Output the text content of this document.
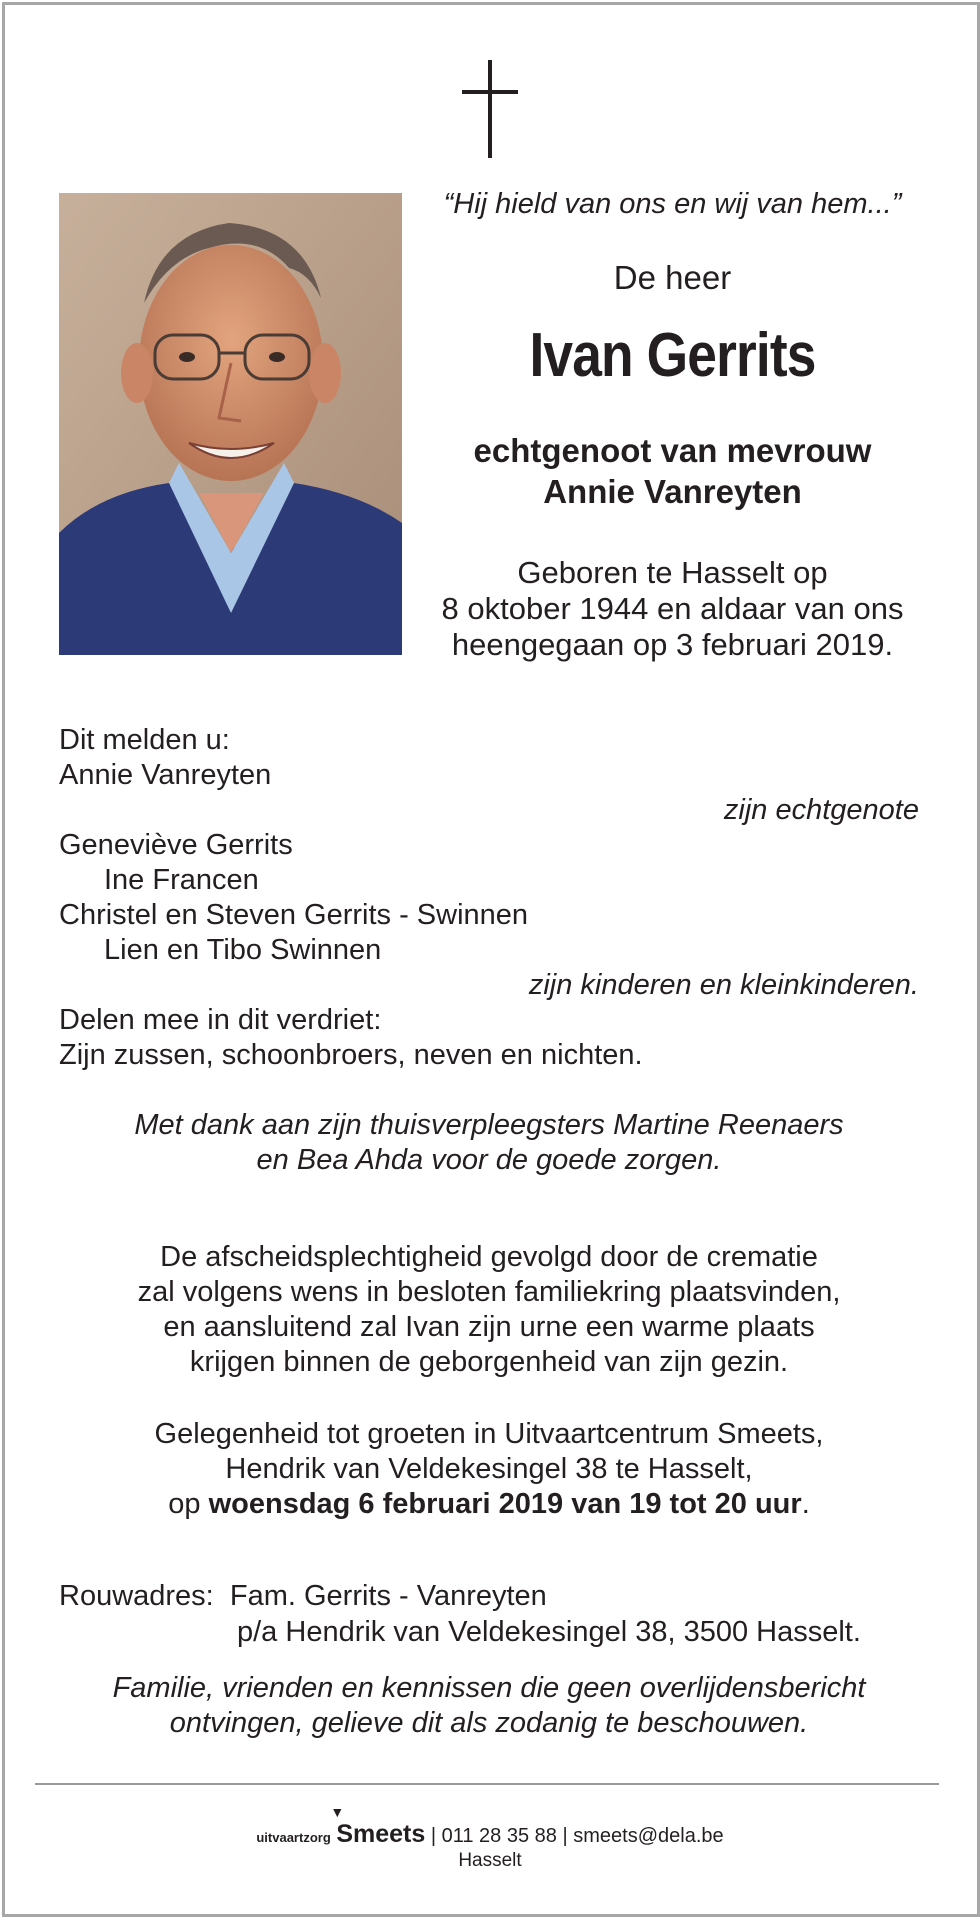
“Hij hield van ons en wij van hem...”
De heer
Ivan Gerrits
echtgenoot van mevrouw
Annie Vanreyten
Geboren te Hasselt op
8 oktober 1944 en aldaar van ons
heengegaan op 3 februari 2019.
Dit melden u:
Annie Vanreyten
zijn echtgenote
Geneviève Gerrits
Ine Francen
Christel en Steven Gerrits - Swinnen
Lien en Tibo Swinnen
zijn kinderen en kleinkinderen.
Delen mee in dit verdriet:
Zijn zussen, schoonbroers, neven en nichten.
Met dank aan zijn thuisverpleegsters Martine Reenaers
en Bea Ahda voor de goede zorgen.
De afscheidsplechtigheid gevolgd door de crematie
zal volgens wens in besloten familiekring plaatsvinden,
en aansluitend zal Ivan zijn urne een warme plaats
krijgen binnen de geborgenheid van zijn gezin.
Gelegenheid tot groeten in Uitvaartcentrum Smeets,
Hendrik van Veldekesingel 38 te Hasselt,
op woensdag 6 februari 2019 van 19 tot 20 uur.
Rouwadres: Fam. Gerrits - Vanreyten
p/a Hendrik van Veldekesingel 38, 3500 Hasselt.
Familie, vrienden en kennissen die geen overlijdensbericht
ontvingen, gelieve dit als zodanig te beschouwen.
uitvaartzorg
▼
Smeets | 011 28 35 88 | smeets@dela.be
Hasselt
